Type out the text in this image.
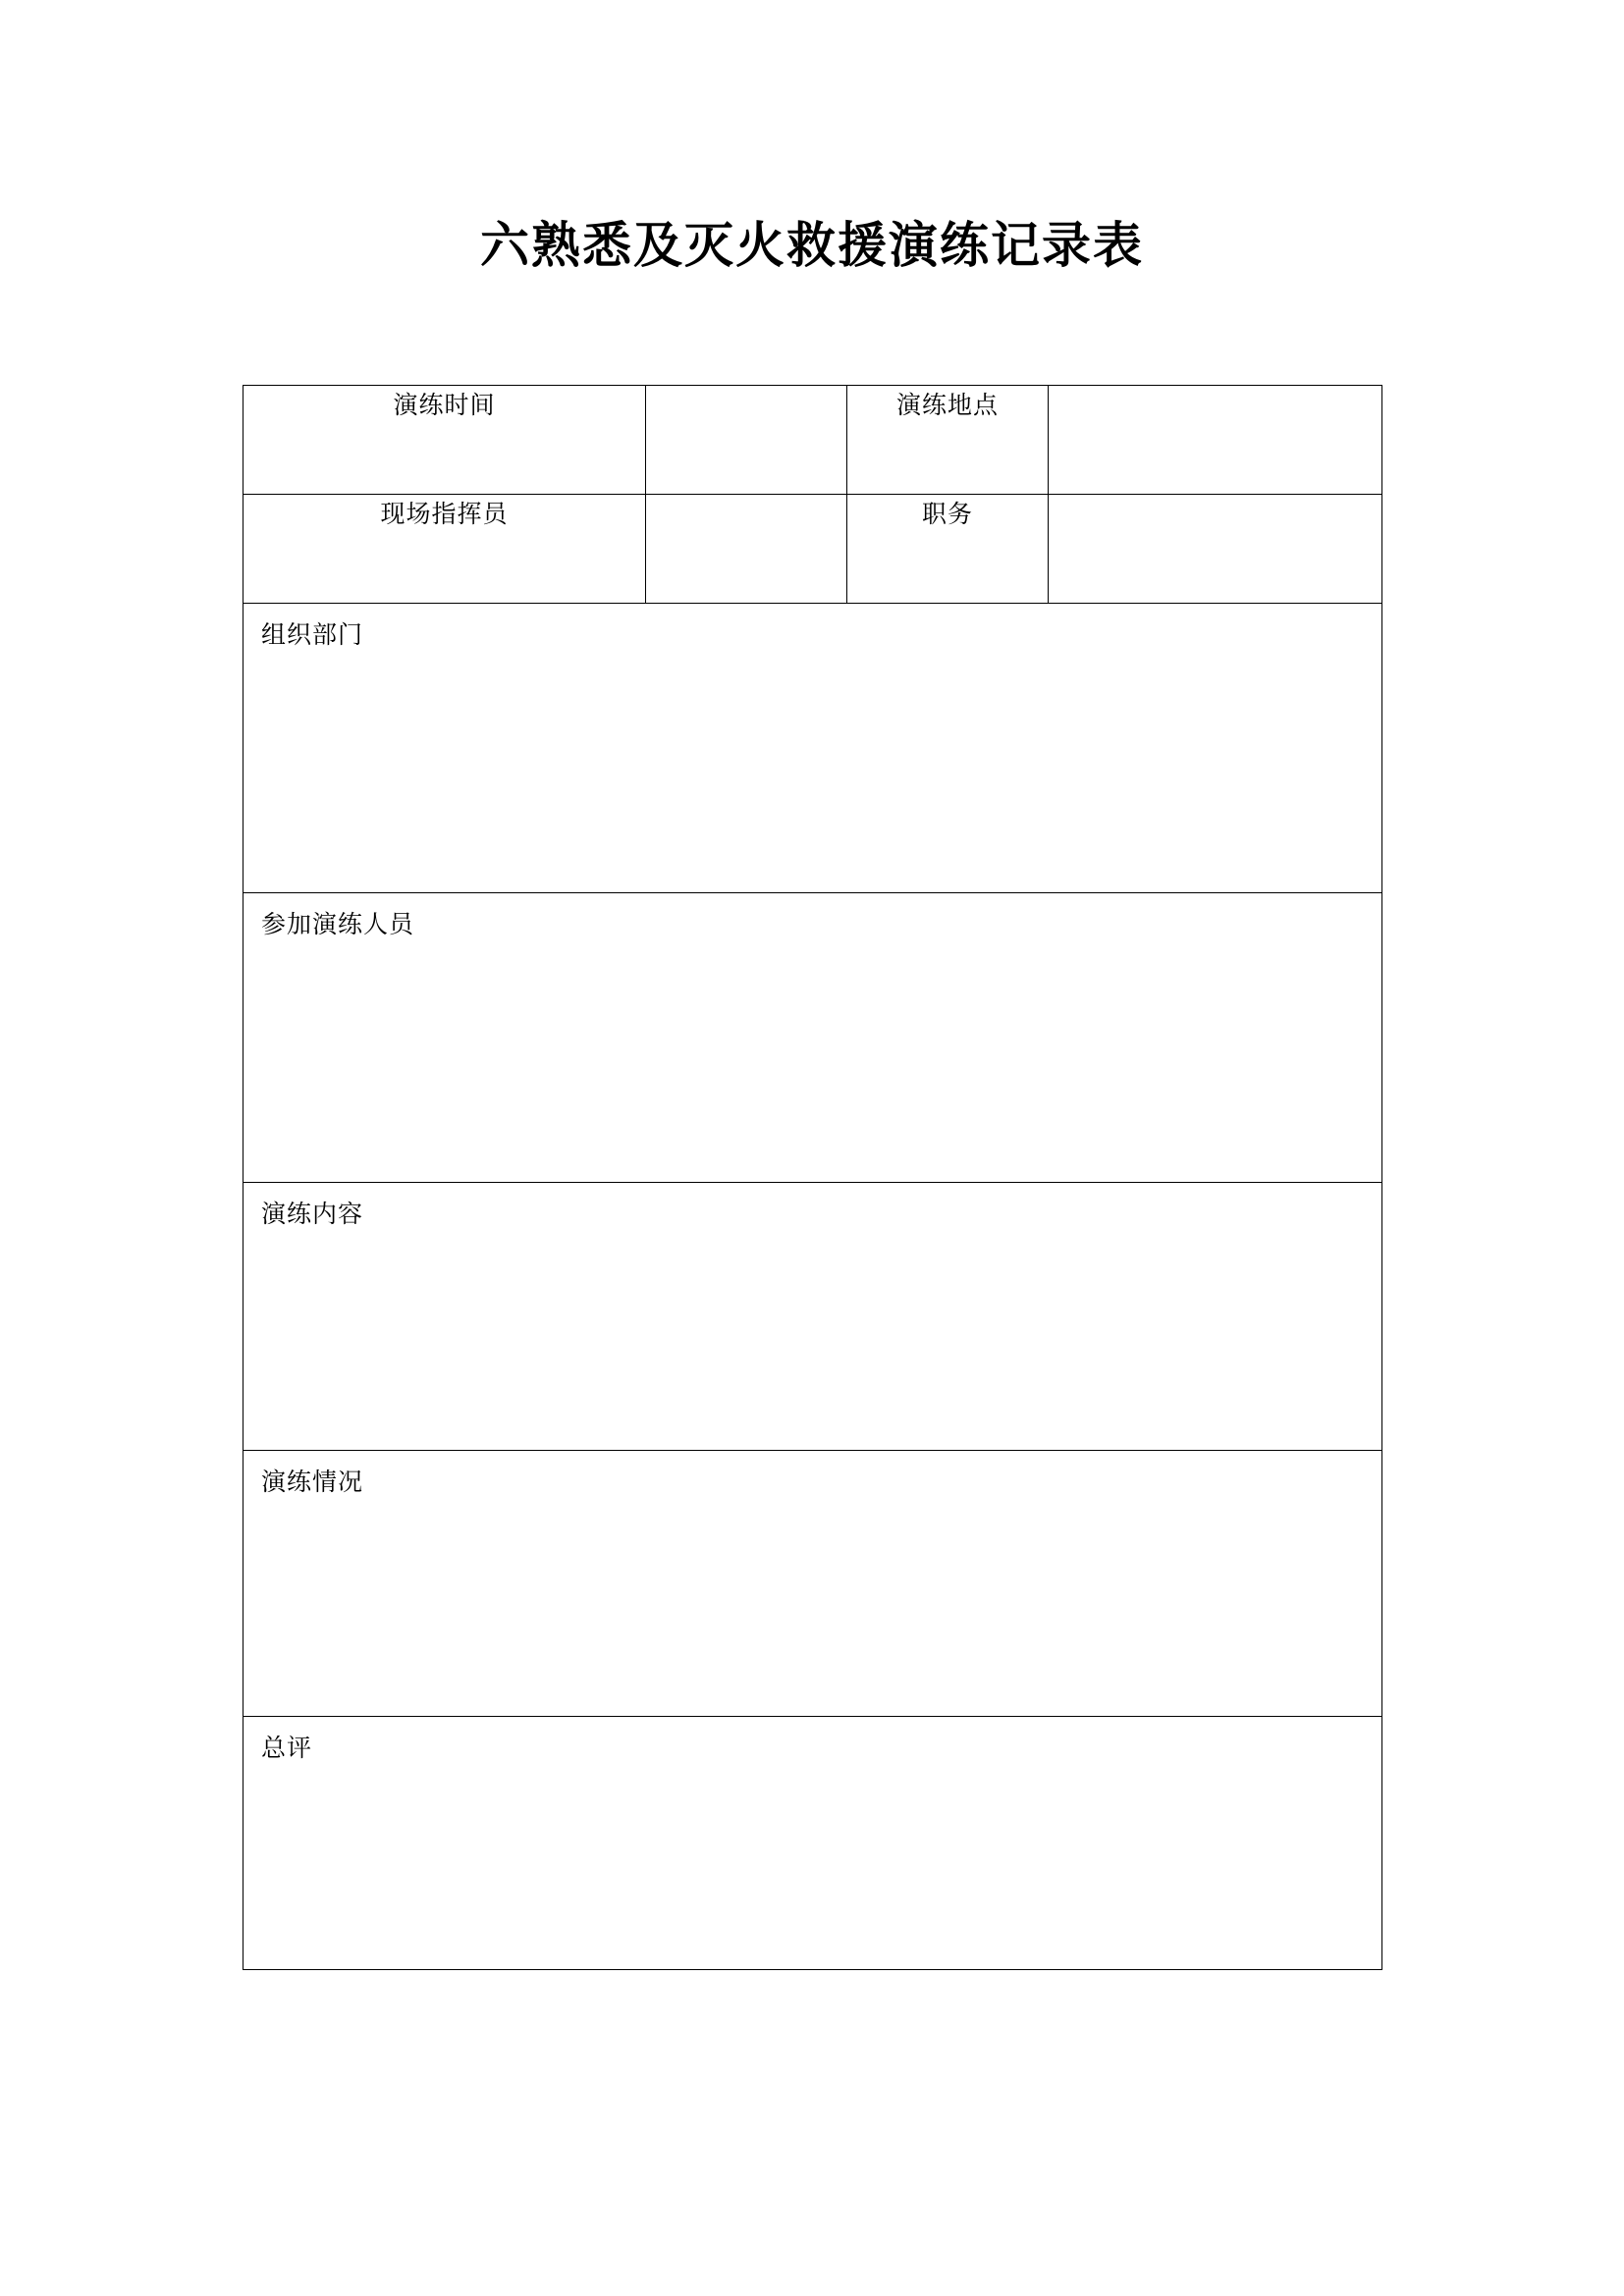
六熟悉及灭火救援演练记录表
演练时间		演练地点	
现场指挥员		职务	
组织部门			
参加演练人员			
演练内容			
演练情况			
总评			
